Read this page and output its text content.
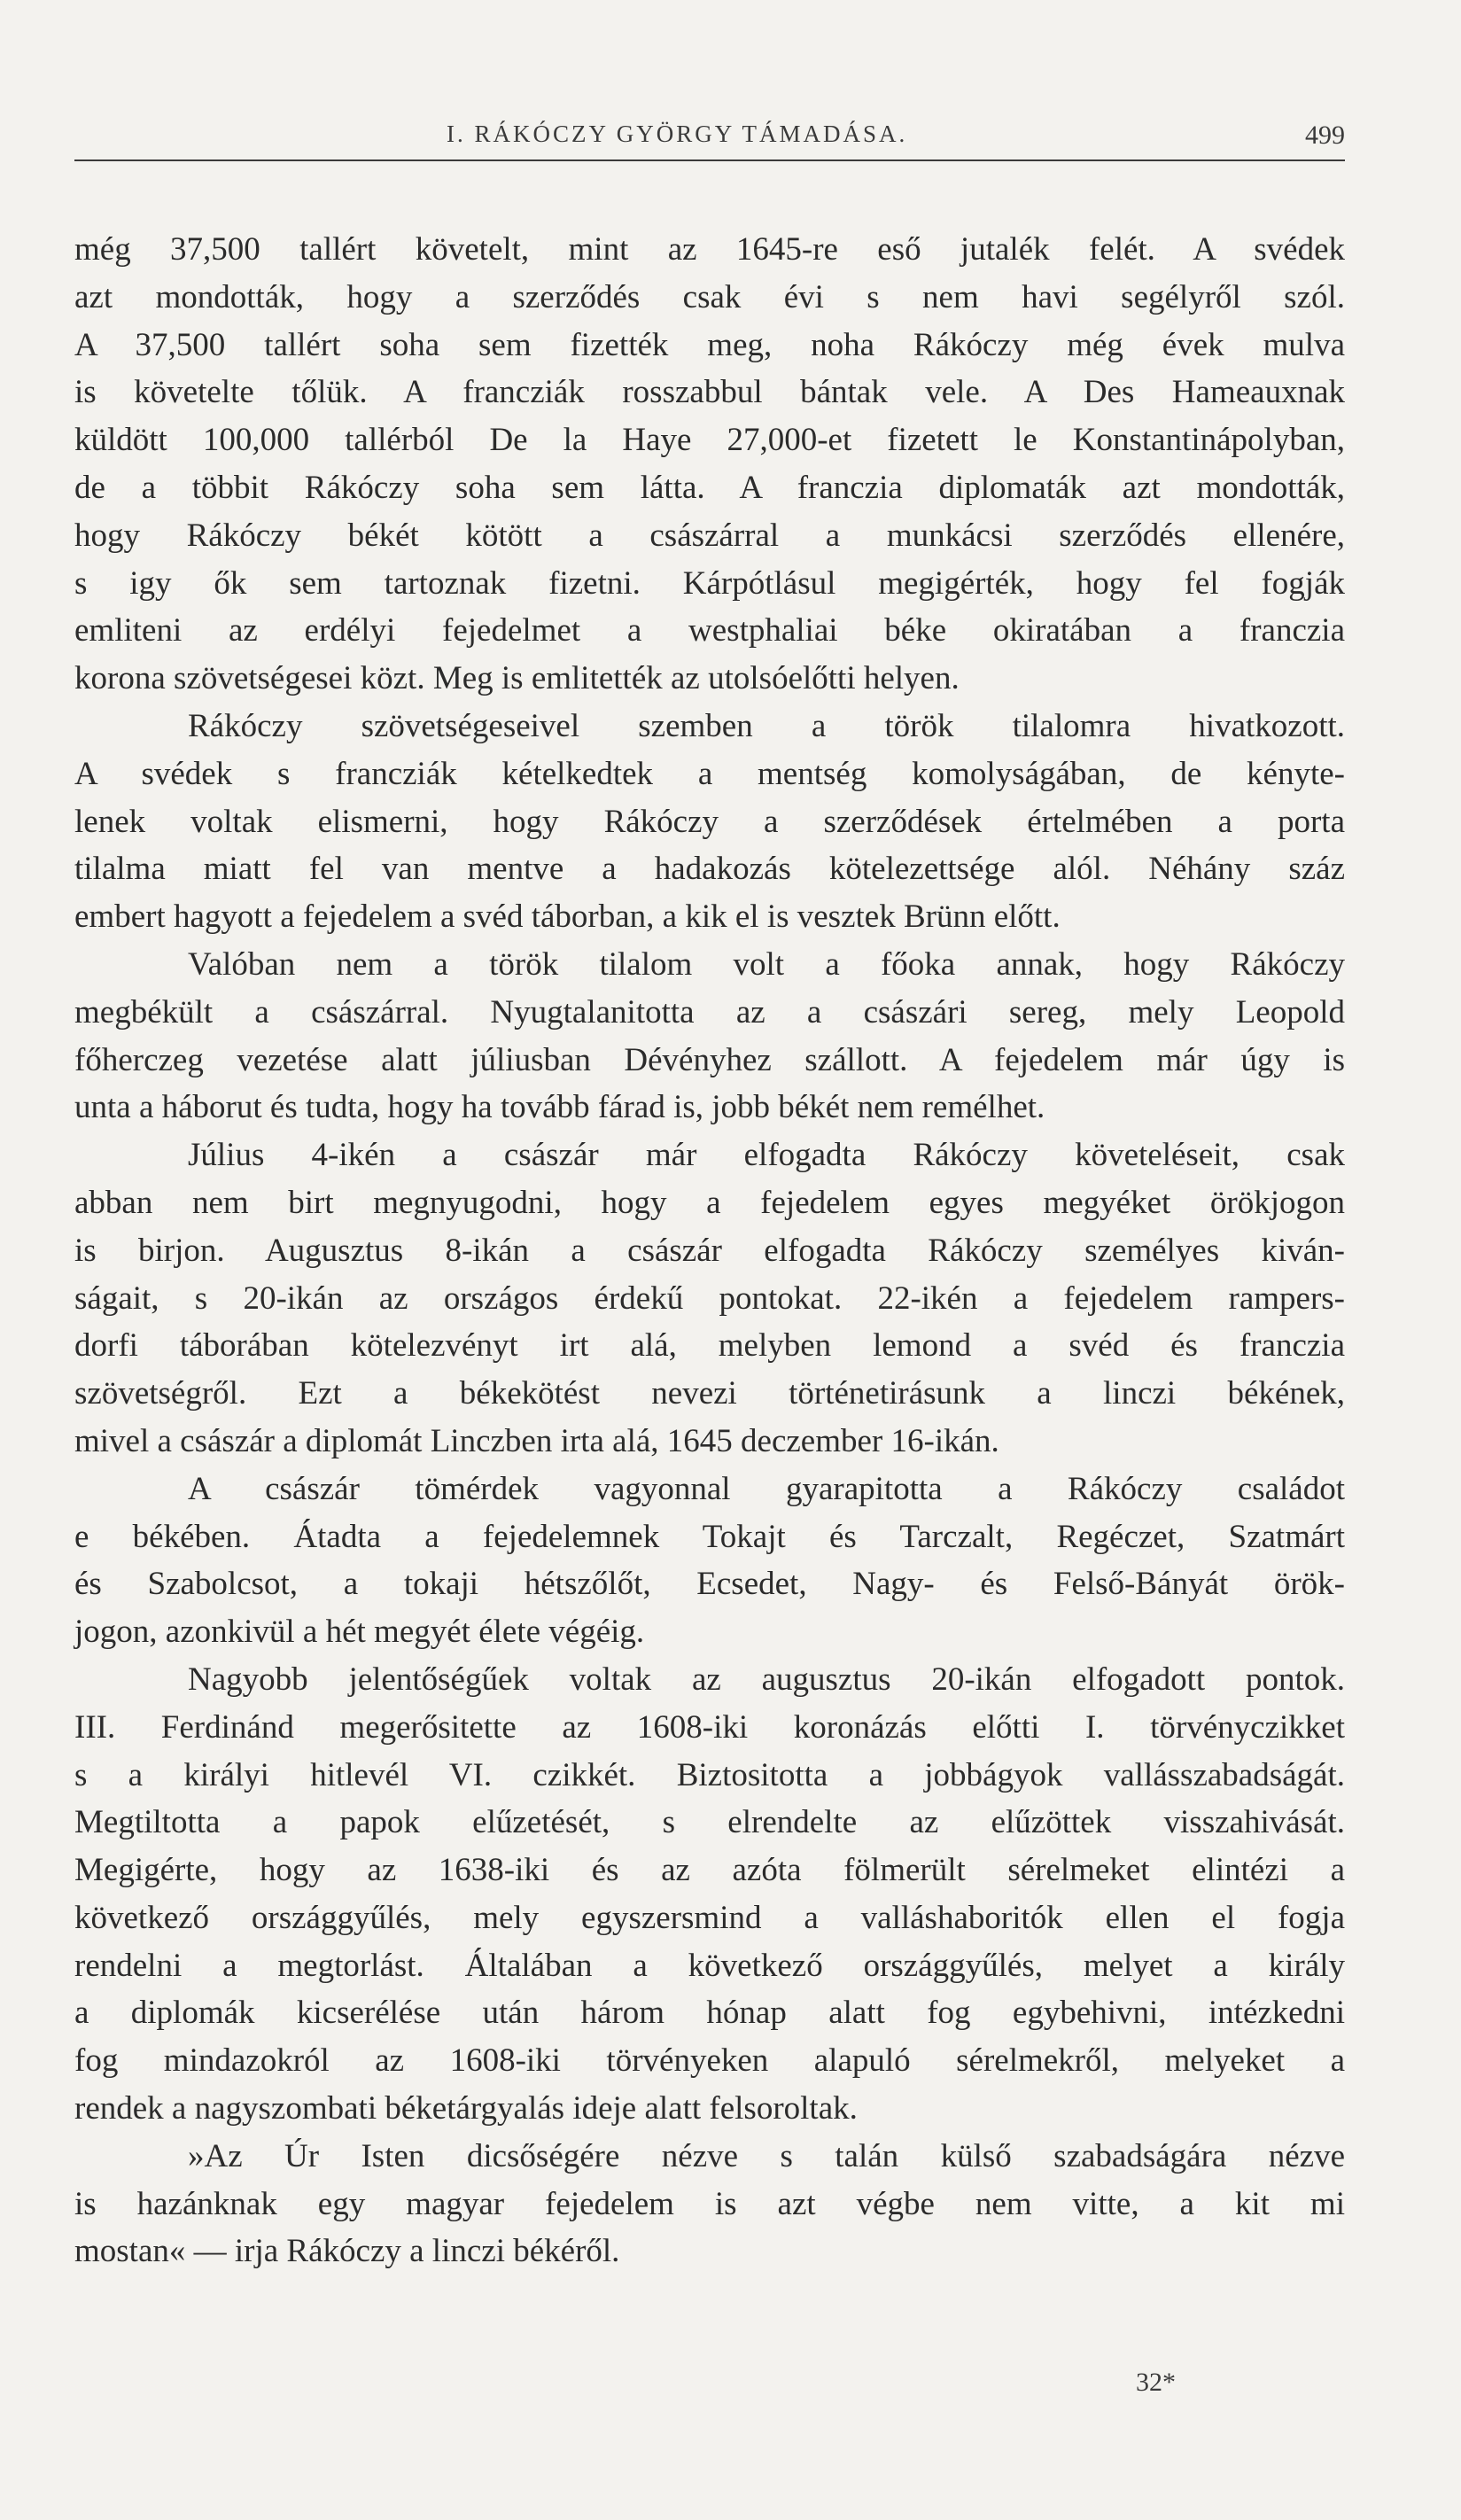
I. RÁKÓCZY GYÖRGY TÁMADÁSA.	499
még 37,500 tallért követelt, mint az 1645-re eső jutalék felét. A svédek
azt mondották, hogy a szerződés csak évi s nem havi segélyről szól.
A 37,500 tallért soha sem fizették meg, noha Rákóczy még évek mulva
is követelte tőlük. A francziák rosszabbul bántak vele. A Des Hameauxnak
küldött 100,000 tallérból De la Haye 27,000-et fizetett le Konstantinápolyban,
de a többit Rákóczy soha sem látta. A franczia diplomaták azt mondották,
hogy Rákóczy békét kötött a császárral a munkácsi szerződés ellenére,
s igy ők sem tartoznak fizetni. Kárpótlásul megigérték, hogy fel fogják
emliteni az erdélyi fejedelmet a westphaliai béke okiratában a franczia
korona szövetségesei közt. Meg is emlitették az utolsóelőtti helyen.
Rákóczy szövetségeseivel szemben a török tilalomra hivatkozott.
A svédek s francziák kételkedtek a mentség komolyságában, de kényte-
lenek voltak elismerni, hogy Rákóczy a szerződések értelmében a porta
tilalma miatt fel van mentve a hadakozás kötelezettsége alól. Néhány száz
embert hagyott a fejedelem a svéd táborban, a kik el is vesztek Brünn előtt.
Valóban nem a török tilalom volt a főoka annak, hogy Rákóczy
megbékült a császárral. Nyugtalanitotta az a császári sereg, mely Leopold
főherczeg vezetése alatt júliusban Dévényhez szállott. A fejedelem már úgy is
unta a háborut és tudta, hogy ha tovább fárad is, jobb békét nem remélhet.
Július 4-ikén a császár már elfogadta Rákóczy követeléseit, csak
abban nem birt megnyugodni, hogy a fejedelem egyes megyéket örökjogon
is birjon. Augusztus 8-ikán a császár elfogadta Rákóczy személyes kiván-
ságait, s 20-ikán az országos érdekű pontokat. 22-ikén a fejedelem rampers-
dorfi táborában kötelezvényt irt alá, melyben lemond a svéd és franczia
szövetségről. Ezt a békekötést nevezi történetirásunk a linczi békének,
mivel a császár a diplomát Linczben irta alá, 1645 deczember 16-ikán.
A császár tömérdek vagyonnal gyarapitotta a Rákóczy családot
e békében. Átadta a fejedelemnek Tokajt és Tarczalt, Regéczet, Szatmárt
és Szabolcsot, a tokaji hétszőlőt, Ecsedet, Nagy- és Felső-Bányát örök-
jogon, azonkivül a hét megyét élete végéig.
Nagyobb jelentőségűek voltak az augusztus 20-ikán elfogadott pontok.
III. Ferdinánd megerősitette az 1608-iki koronázás előtti I. törvényczikket
s a királyi hitlevél VI. czikkét. Biztositotta a jobbágyok vallásszabadságát.
Megtiltotta a papok elűzetését, s elrendelte az elűzöttek visszahivását.
Megigérte, hogy az 1638-iki és az azóta fölmerült sérelmeket elintézi a
következő országgyűlés, mely egyszersmind a valláshaboritók ellen el fogja
rendelni a megtorlást. Általában a következő országgyűlés, melyet a király
a diplomák kicserélése után három hónap alatt fog egybehivni, intézkedni
fog mindazokról az 1608-iki törvényeken alapuló sérelmekről, melyeket a
rendek a nagyszombati béketárgyalás ideje alatt felsoroltak.
»Az Úr Isten dicsőségére nézve s talán külső szabadságára nézve
is hazánknak egy magyar fejedelem is azt végbe nem vitte, a kit mi
mostan« — irja Rákóczy a linczi békéről.
32*
